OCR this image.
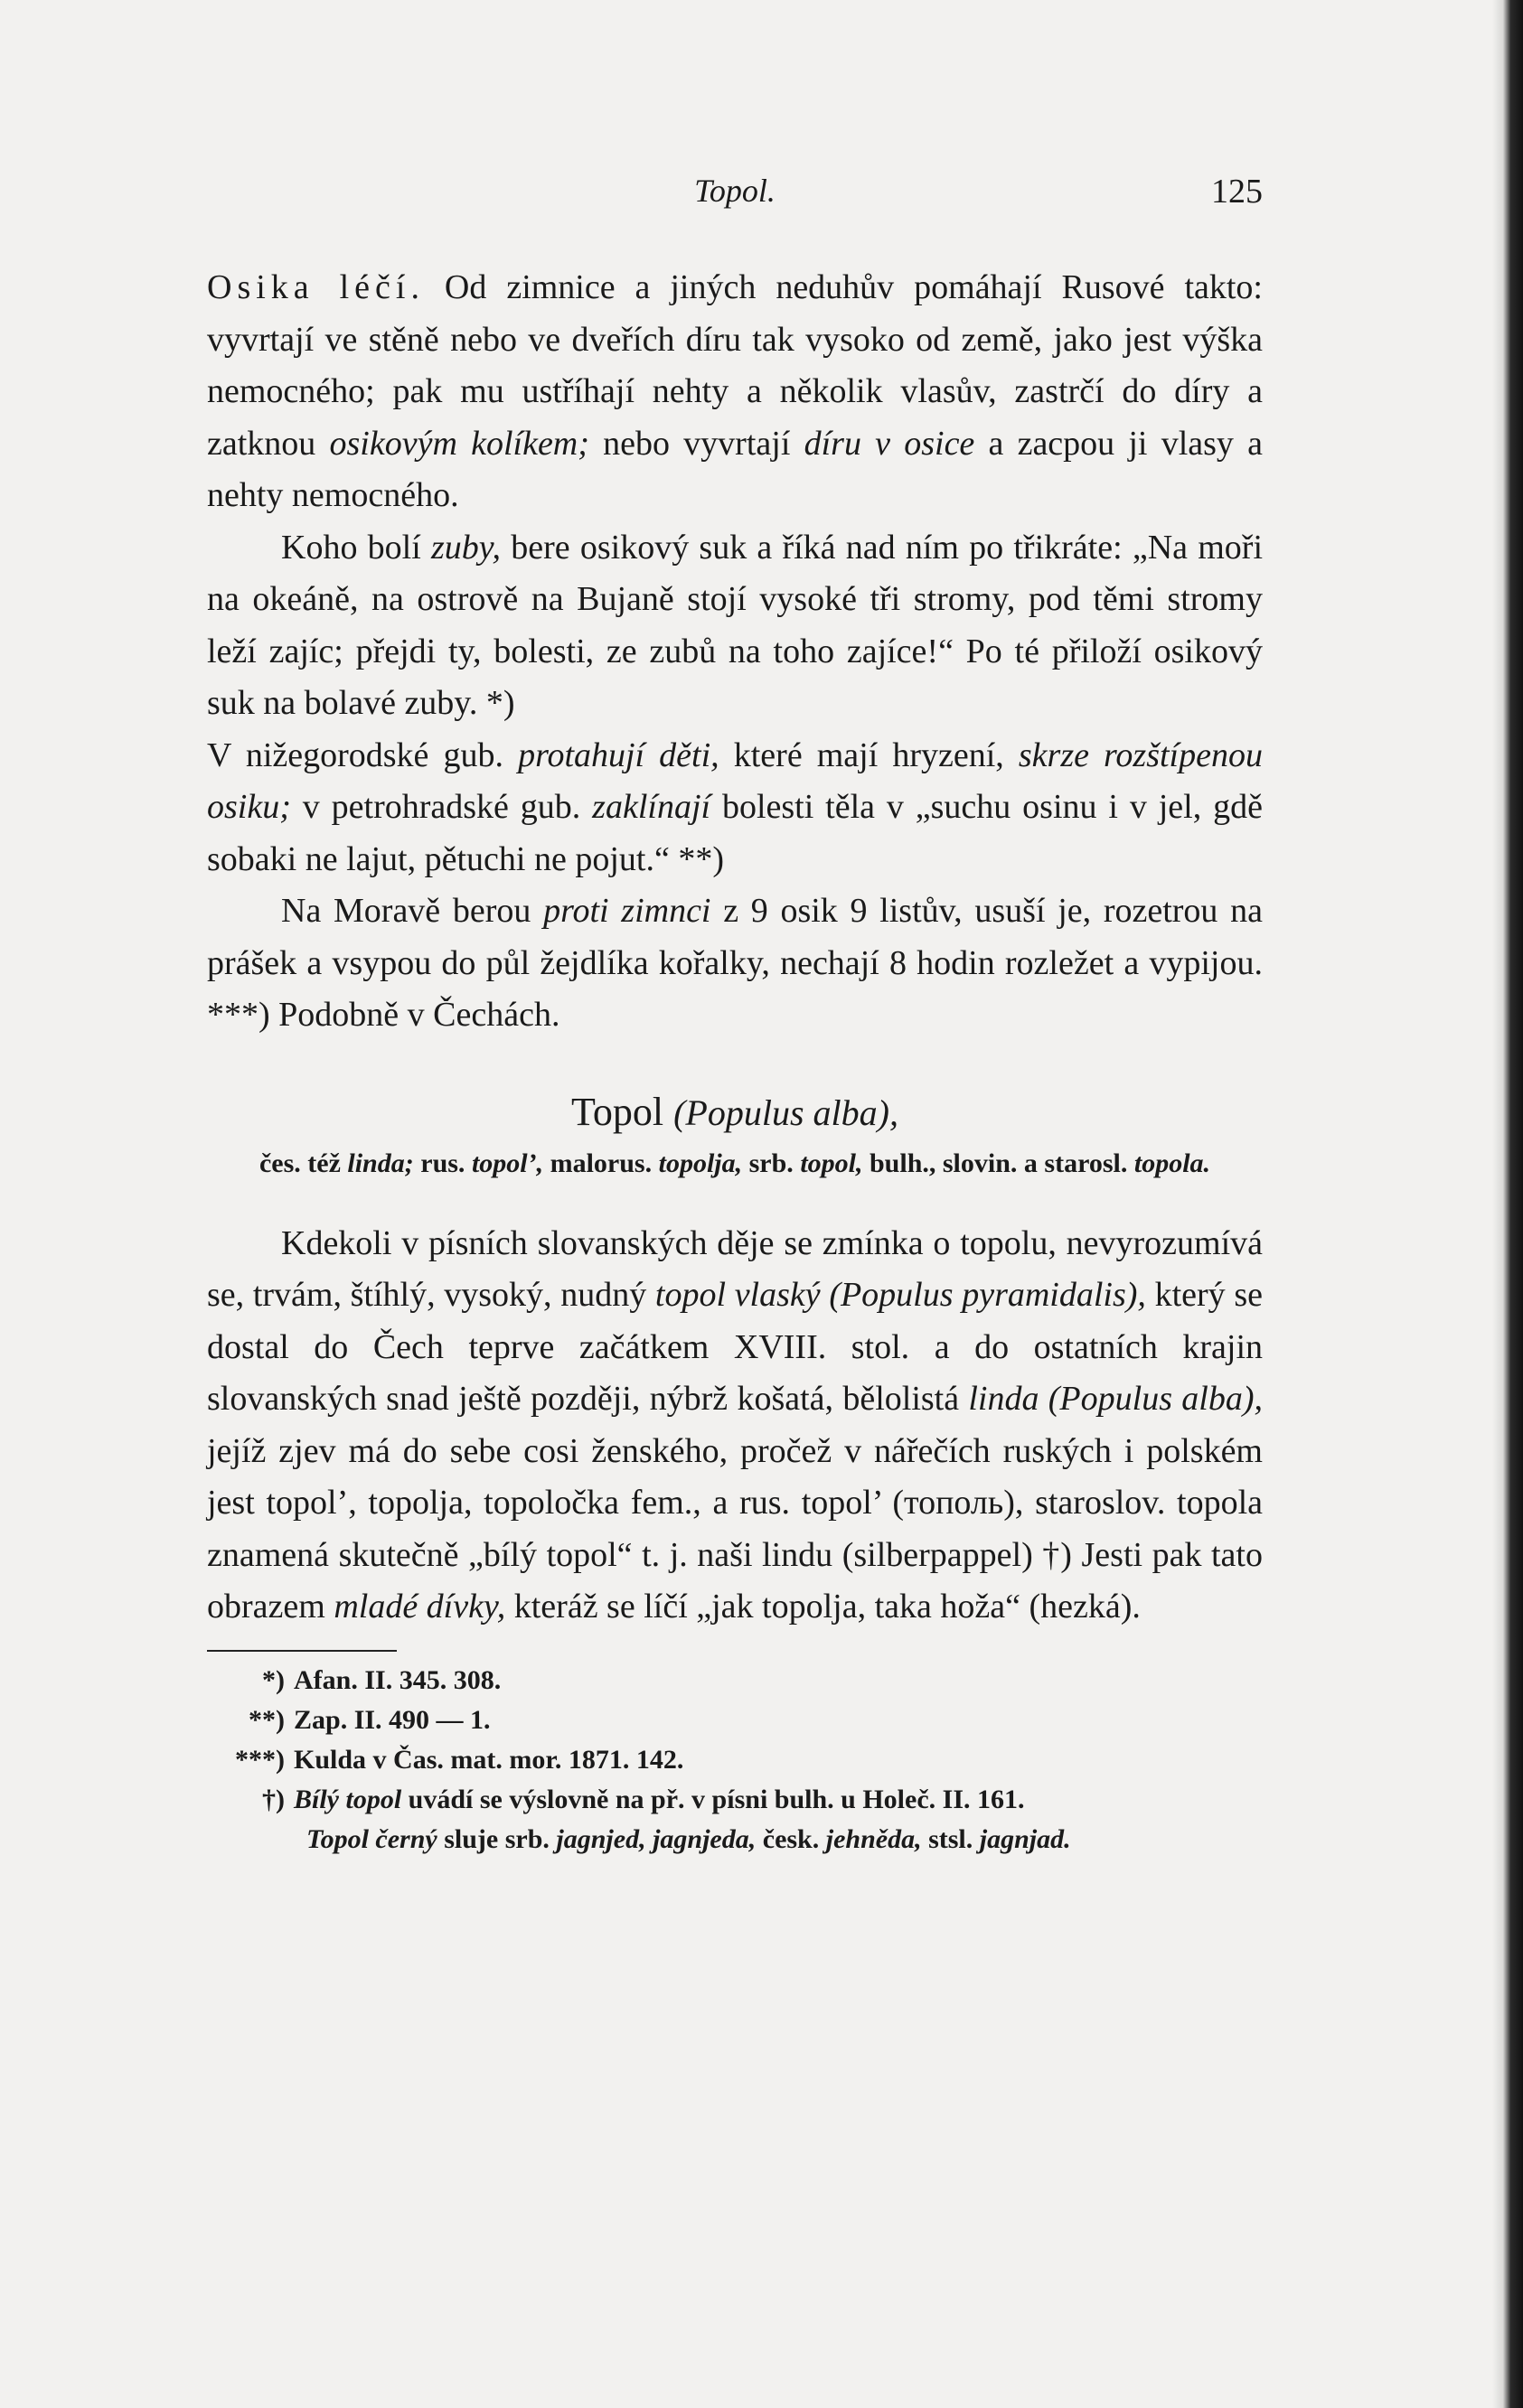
Topol.	125

Osika léčí. Od zimnice a jiných neduhův pomáhají Rusové takto: vyvrtají ve stěně nebo ve dveřích díru tak vysoko od země, jako jest výška nemocného; pak mu ustříhají nehty a několik vlasův, zastrčí do díry a zatknou osikovým kolíkem; nebo vyvrtají díru v osice a zacpou ji vlasy a nehty nemocného.

Koho bolí zuby, bere osikový suk a říká nad ním po třikráte: „Na moři na okeáně, na ostrově na Bujaně stojí vysoké tři stromy, pod těmi stromy leží zajíc; přejdi ty, bolesti, ze zubů na toho zajíce!“ Po té přiloží osikový suk na bolavé zuby. *)

V nižegorodské gub. protahují děti, které mají hryzení, skrze rozštípenou osiku; v petrohradské gub. zaklínají bolesti těla v „suchu osinu i v jel, gdě sobaki ne lajut, pětuchi ne pojut.“ **)

Na Moravě berou proti zimnci z 9 osik 9 listův, usuší je, rozetrou na prášek a vsypou do půl žejdlíka kořalky, nechají 8 hodin rozležet a vypijou. ***) Podobně v Čechách.

Topol (Populus alba),
čes. též linda; rus. topol’, malorus. topolja, srb. topol, bulh., slovin. a starosl. topola.

Kdekoli v písních slovanských děje se zmínka o topolu, nevyrozumívá se, trvám, štíhlý, vysoký, nudný topol vlaský (Populus pyramidalis), který se dostal do Čech teprve začátkem XVIII. stol. a do ostatních krajin slovanských snad ještě později, nýbrž košatá, bělolistá linda (Populus alba), jejíž zjev má do sebe cosi ženského, pročež v nářečích ruských i polském jest topol’, topolja, topoločka fem., a rus. topol’ (тополь), staroslov. topola znamená skutečně „bílý topol“ t. j. naši lindu (silberpappel) †) Jesti pak tato obrazem mladé dívky, kteráž se líčí „jak topolja, taka hoža“ (hezká).

*) Afan. II. 345. 308.
**) Zap. II. 490 — 1.
***) Kulda v Čas. mat. mor. 1871. 142.
†) Bílý topol uvádí se výslovně na př. v písni bulh. u Holeč. II. 161.
Topol černý sluje srb. jagnjed, jagnjeda, česk. jehněda, stsl. jagnjad.
